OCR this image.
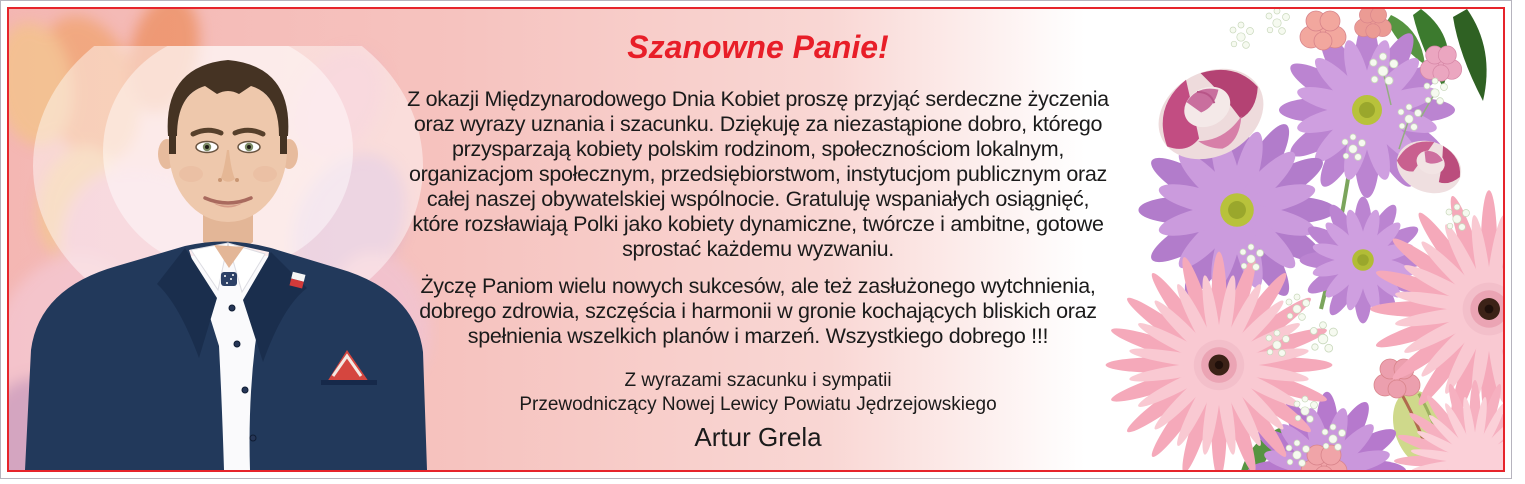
Szanowne Panie!
Z okazji Międzynarodowego Dnia Kobiet proszę przyjąć serdeczne życzenia
oraz wyrazy uznania i szacunku. Dziękuję za niezastąpione dobro, którego
przysparzają kobiety polskim rodzinom, społecznościom lokalnym,
organizacjom społecznym, przedsiębiorstwom, instytucjom publicznym oraz
całej naszej obywatelskiej wspólnocie. Gratuluję wspaniałych osiągnięć,
które rozsławiają Polki jako kobiety dynamiczne, twórcze i ambitne, gotowe
sprostać każdemu wyzwaniu.
Życzę Paniom wielu nowych sukcesów, ale też zasłużonego wytchnienia,
dobrego zdrowia, szczęścia i harmonii w gronie kochających bliskich oraz
spełnienia wszelkich planów i marzeń. Wszystkiego dobrego !!!
Z wyrazami szacunku i sympatii
Przewodniczący Nowej Lewicy Powiatu Jędrzejowskiego
Artur Grela
